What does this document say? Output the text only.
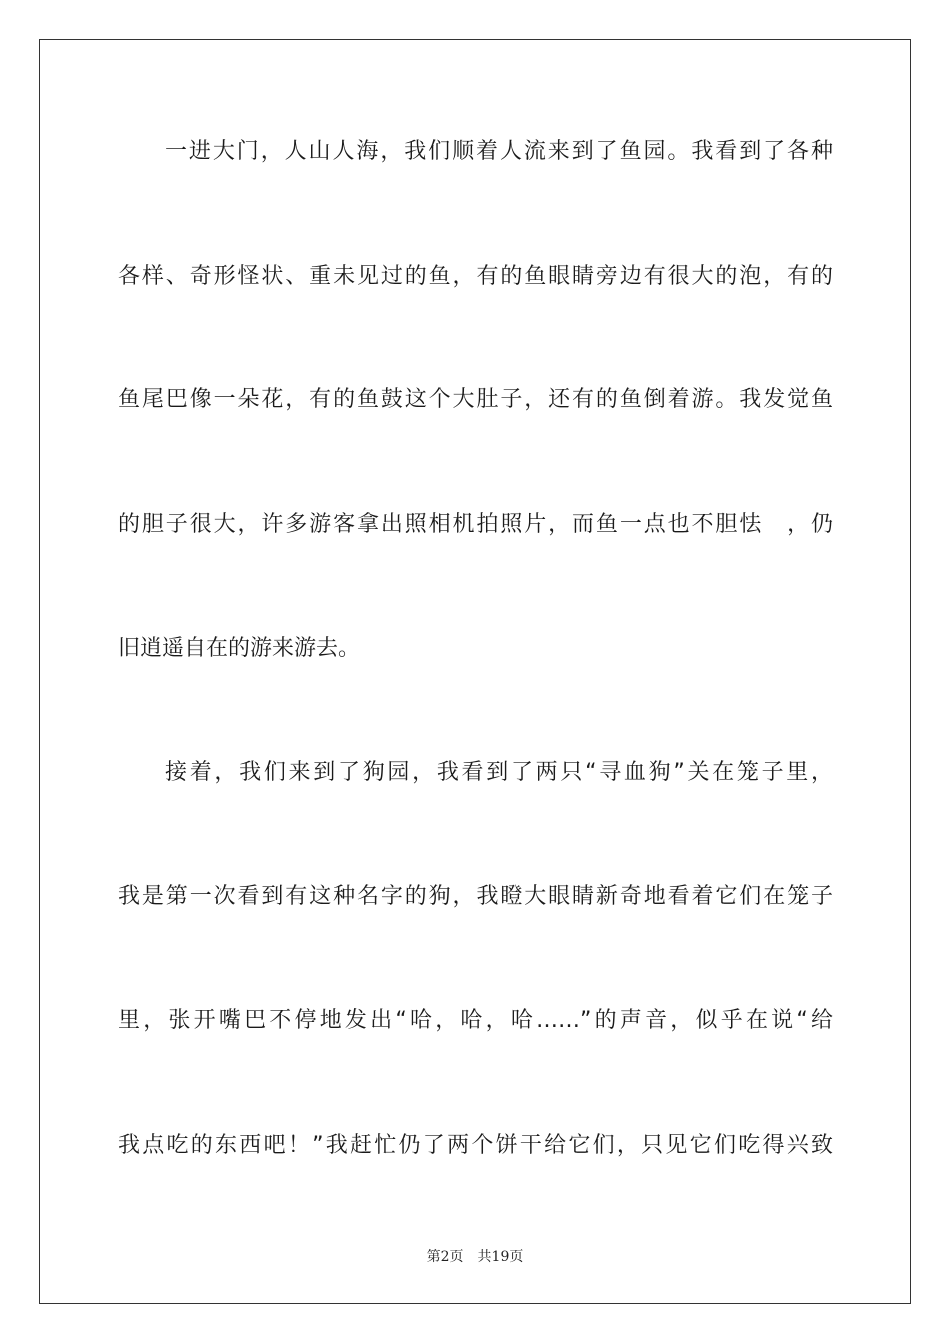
一进大门，人山人海，我们顺着人流来到了鱼园。我看到了各种

各样、奇形怪状、重未见过的鱼，有的鱼眼睛旁边有很大的泡，有的

鱼尾巴像一朵花，有的鱼鼓这个大肚子，还有的鱼倒着游。我发觉鱼

的胆子很大，许多游客拿出照相机拍照片，而鱼一点也不胆怯　，仍

旧逍遥自在的游来游去。

接着，我们来到了狗园，我看到了两只“寻血狗”关在笼子里，

我是第一次看到有这种名字的狗，我瞪大眼睛新奇地看着它们在笼子

里，张开嘴巴不停地发出“哈，哈，哈……”的声音，似乎在说“给

我点吃的东西吧！”我赶忙仍了两个饼干给它们，只见它们吃得兴致

第2页　共19页
